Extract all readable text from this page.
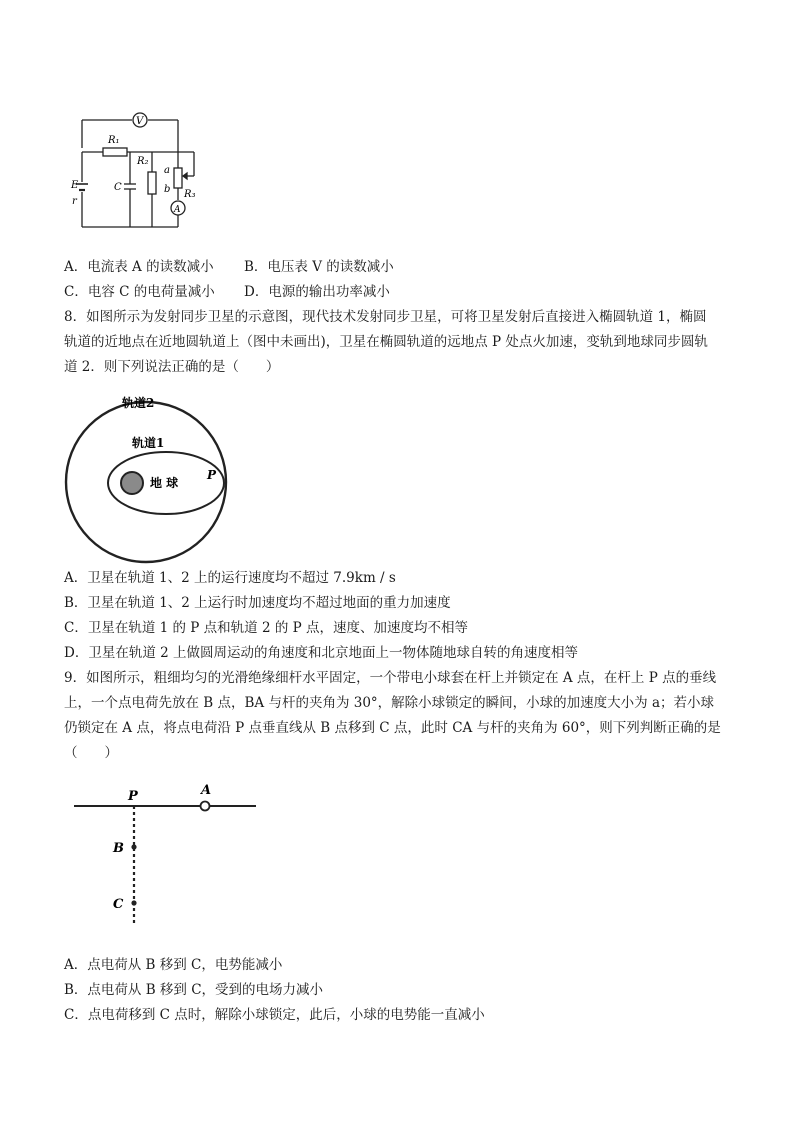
V
R₁
R₂
C
E
r
a
b R₃
A
A．电流表 A 的读数减小 B．电压表 V 的读数减小
C．电容 C 的电荷量减小 D．电源的输出功率减小
8．如图所示为发射同步卫星的示意图，现代技术发射同步卫星，可将卫星发射后直接进入椭圆轨道 1，椭圆
轨道的近地点在近地圆轨道上（图中未画出)，卫星在椭圆轨道的远地点 P 处点火加速，变轨到地球同步圆轨
道 2．则下列说法正确的是（　　）
轨道2
轨道1
地 球
P
A．卫星在轨道 1、2 上的运行速度均不超过 7.9km / s
B．卫星在轨道 1、2 上运行时加速度均不超过地面的重力加速度
C．卫星在轨道 1 的 P 点和轨道 2 的 P 点，速度、加速度均不相等
D．卫星在轨道 2 上做圆周运动的角速度和北京地面上一物体随地球自转的角速度相等
9．如图所示，粗细均匀的光滑绝缘细杆水平固定，一个带电小球套在杆上并锁定在 A 点，在杆上 P 点的垂线
上，一个点电荷先放在 B 点，BA 与杆的夹角为 30°，解除小球锁定的瞬间，小球的加速度大小为 a；若小球
仍锁定在 A 点，将点电荷沿 P 点垂直线从 B 点移到 C 点，此时 CA 与杆的夹角为 60°，则下列判断正确的是
（　　）
P	A
B
C
A．点电荷从 B 移到 C，电势能减小
B．点电荷从 B 移到 C，受到的电场力减小
C．点电荷移到 C 点时，解除小球锁定，此后，小球的电势能一直减小
